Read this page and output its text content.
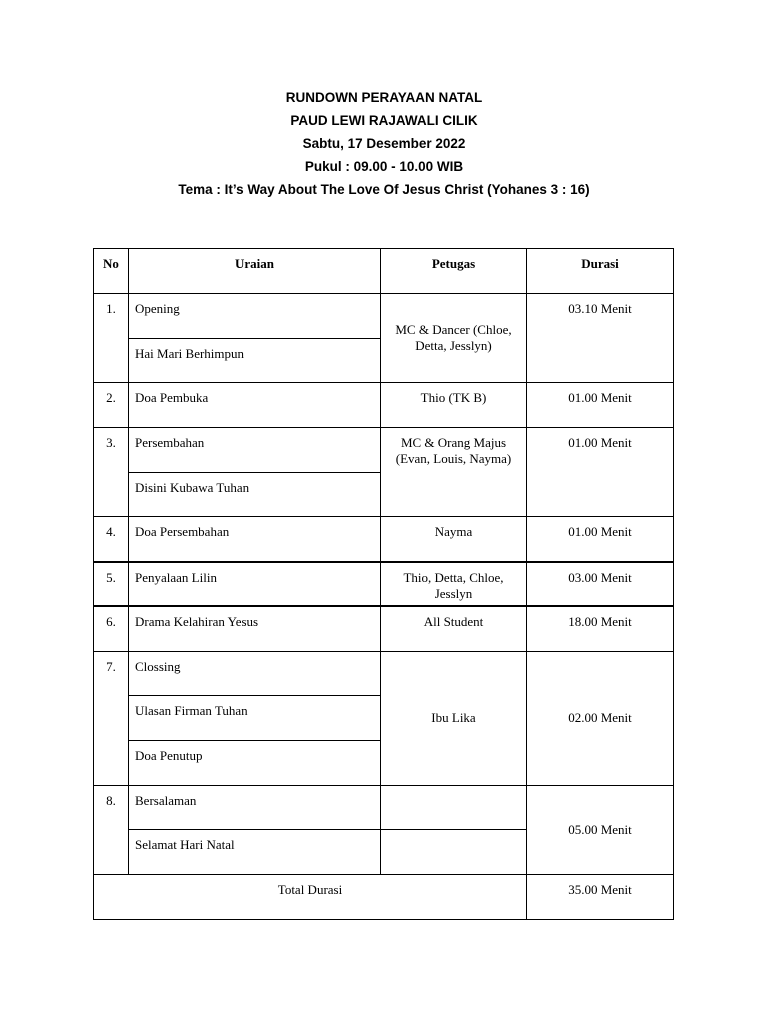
RUNDOWN PERAYAAN NATAL
PAUD LEWI RAJAWALI CILIK
Sabtu, 17 Desember 2022
Pukul : 09.00 - 10.00 WIB
Tema : It’s Way About The Love Of Jesus Christ (Yohanes 3 : 16)
No	Uraian	Petugas	Durasi
1.	Opening	MC & Dancer (Chloe, Detta, Jesslyn)	03.10 Menit
	Hai Mari Berhimpun		
2.	Doa Pembuka	Thio (TK B)	01.00 Menit
3.	Persembahan	MC & Orang Majus (Evan, Louis, Nayma)	01.00 Menit
	Disini Kubawa Tuhan		
4.	Doa Persembahan	Nayma	01.00 Menit
5.	Penyalaan Lilin	Thio, Detta, Chloe, Jesslyn	03.00 Menit
6.	Drama Kelahiran Yesus	All Student	18.00 Menit
7.	Clossing	Ibu Lika	02.00 Menit
	Ulasan Firman Tuhan		
	Doa Penutup		
8.	Bersalaman		05.00 Menit
	Selamat Hari Natal		
Total Durasi			35.00 Menit
